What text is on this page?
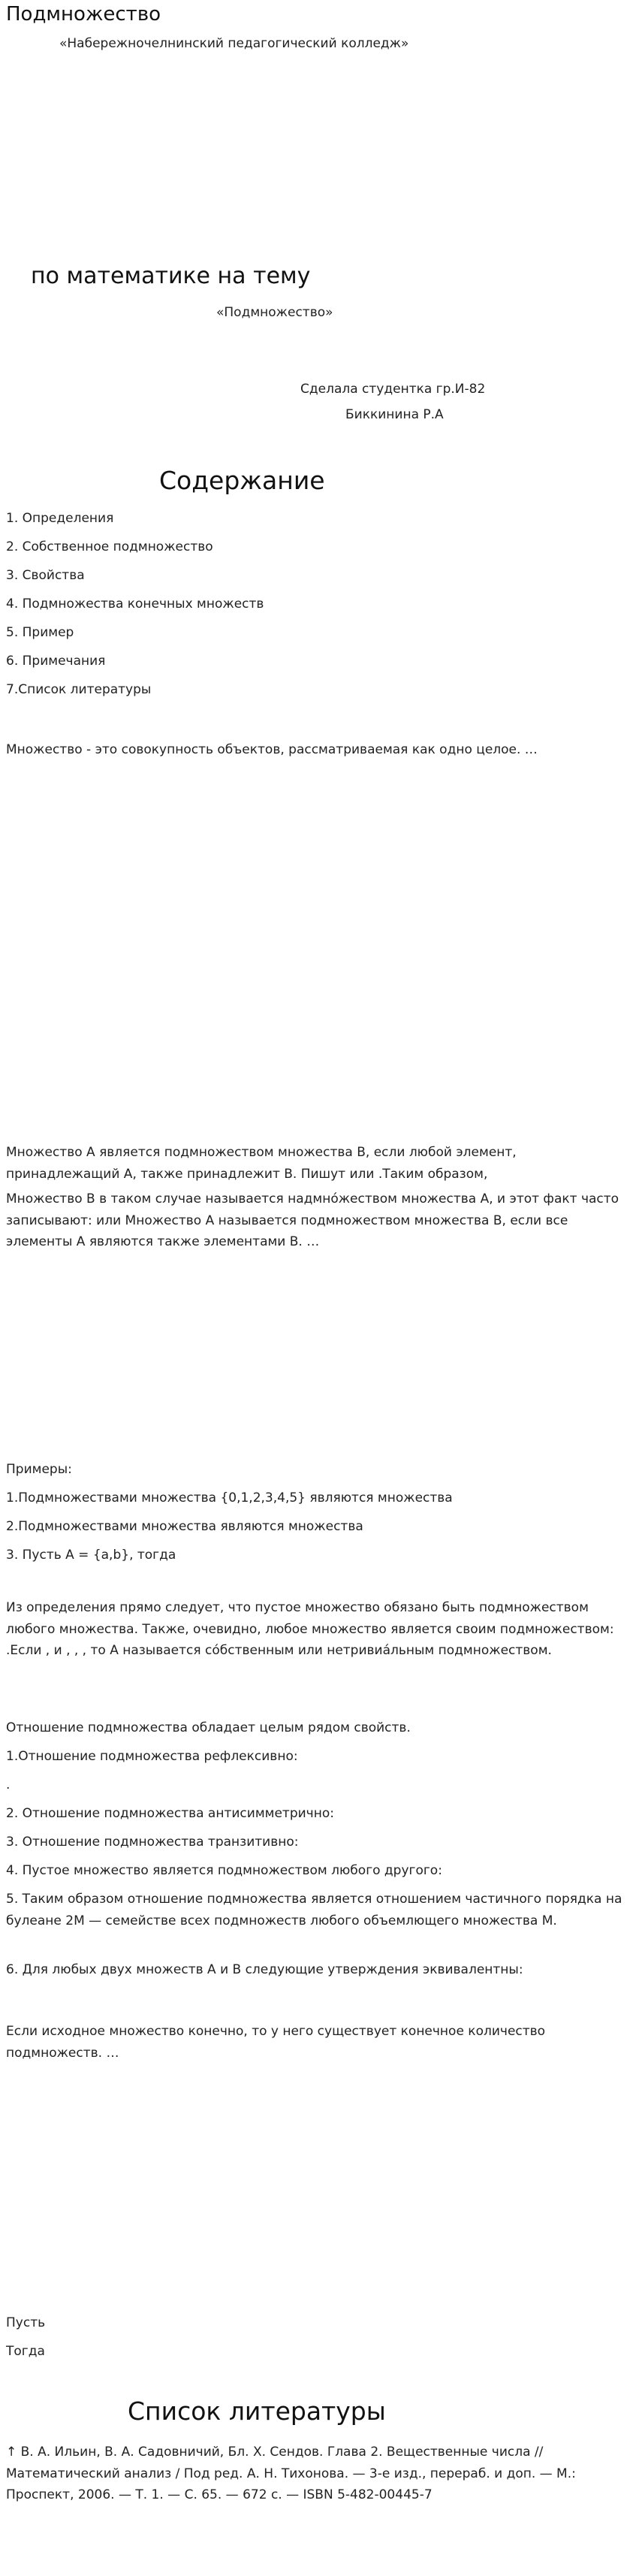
Подмножество
«Набережночелнинский педагогический колледж»
по математике на тему
«Подмножество»
Сделала студентка гр.И-82
Биккинина Р.А
Содержание
1. Определения
2. Собственное подмножество
3. Свойства
4. Подмножества конечных множеств
5. Пример
6. Примечания
7.Список литературы
Множество - это совокупность объектов, рассматриваемая как одно целое. …
Множество A является подмножеством множества B, если любой элемент, принадлежащий A, также принадлежит B. Пишут или .Таким образом,
Множество B в таком случае называется надмнóжеством множества A, и этот факт часто записывают: или Множество A называется подмножеством множества B, если все элементы A являются также элементами B. …
Примеры:
1.Подмножествами множества {0,1,2,3,4,5} являются множества
2.Подмножествами множества являются множества
3. Пусть A = {a,b}, тогда
Из определения прямо следует, что пустое множество обязано быть подмножеством любого множества. Также, очевидно, любое множество является своим подмножеством: .Если , и , , , то A называется сóбственным или нетривиáльным подмножеством.
Отношение подмножества обладает целым рядом свойств.
1.Отношение подмножества рефлексивно:
.
2. Отношение подмножества антисимметрично:
3. Отношение подмножества транзитивно:
4. Пустое множество является подмножеством любого другого:
5. Таким образом отношение подмножества является отношением частичного порядка на булеане 2M — семействе всех подмножеств любого объемлющего множества M.
6. Для любых двух множеств A и B следующие утверждения эквивалентны:
Если исходное множество конечно, то у него существует конечное количество подмножеств. …
Пусть
Тогда
Список литературы
↑ В. А. Ильин, В. А. Садовничий, Бл. Х. Сендов. Глава 2. Вещественные числа // Математический анализ / Под ред. А. Н. Тихонова. — 3-е изд., перераб. и доп. — М.: Проспект, 2006. — Т. 1. — С. 65. — 672 с. — ISBN 5-482-00445-7
